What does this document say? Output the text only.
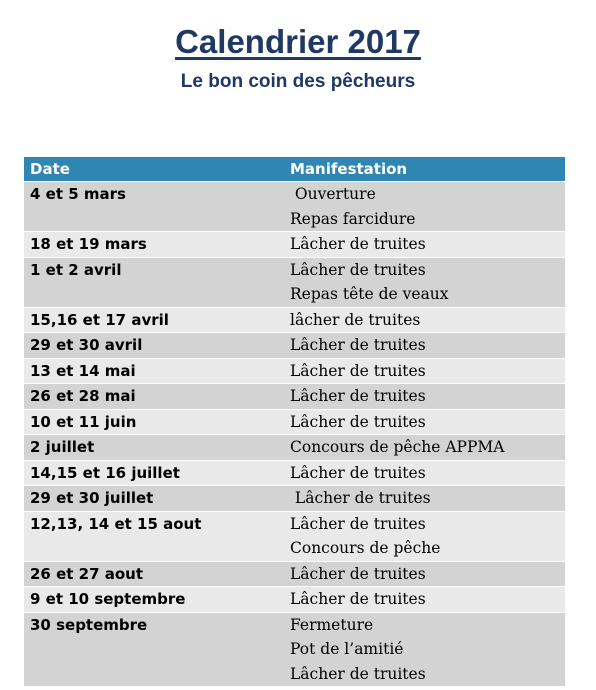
Calendrier 2017
Le bon coin des pêcheurs
Date	Manifestation

4 et 5 mars	Ouverture
Repas farcidure

18 et 19 mars	Lâcher de truites

1 et 2 avril	Lâcher de truites
Repas tête de veaux

15,16 et 17 avril	lâcher de truites

29 et 30 avril	Lâcher de truites

13 et 14 mai	Lâcher de truites

26 et 28 mai	Lâcher de truites

10 et 11 juin	Lâcher de truites

2 juillet	Concours de pêche APPMA

14,15 et 16 juillet	Lâcher de truites

29 et 30 juillet	Lâcher de truites

12,13, 14 et 15 aout	Lâcher de truites
Concours de pêche

26 et 27 aout	Lâcher de truites

9 et 10 septembre	Lâcher de truites

30 septembre	Fermeture
Pot de l’amitié
Lâcher de truites
